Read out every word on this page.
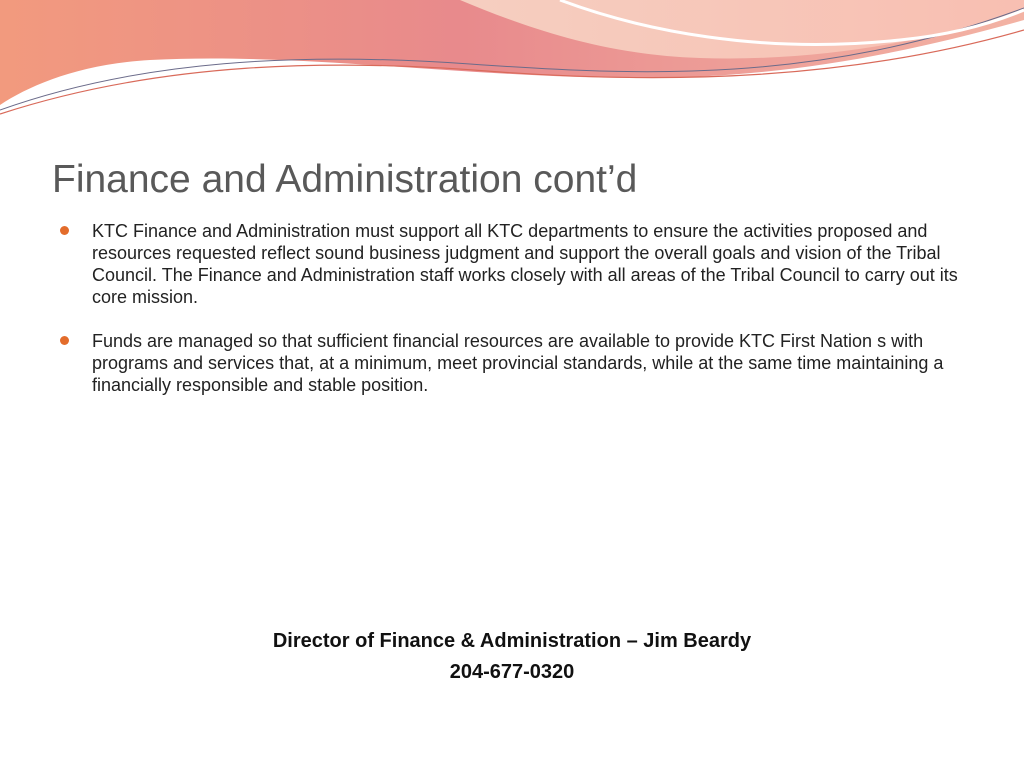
Finance and Administration cont’d
KTC Finance and Administration must support all KTC departments to ensure the activities proposed and resources requested reflect sound business judgment and support the overall goals and vision of the Tribal Council. The Finance and Administration staff works closely with all areas of the Tribal Council to carry out its core mission.
Funds are managed so that sufficient financial resources are available to provide KTC First Nation s with programs and services that, at a minimum, meet provincial standards, while at the same time maintaining a financially responsible and stable position.
Director of Finance & Administration – Jim Beardy
204-677-0320
